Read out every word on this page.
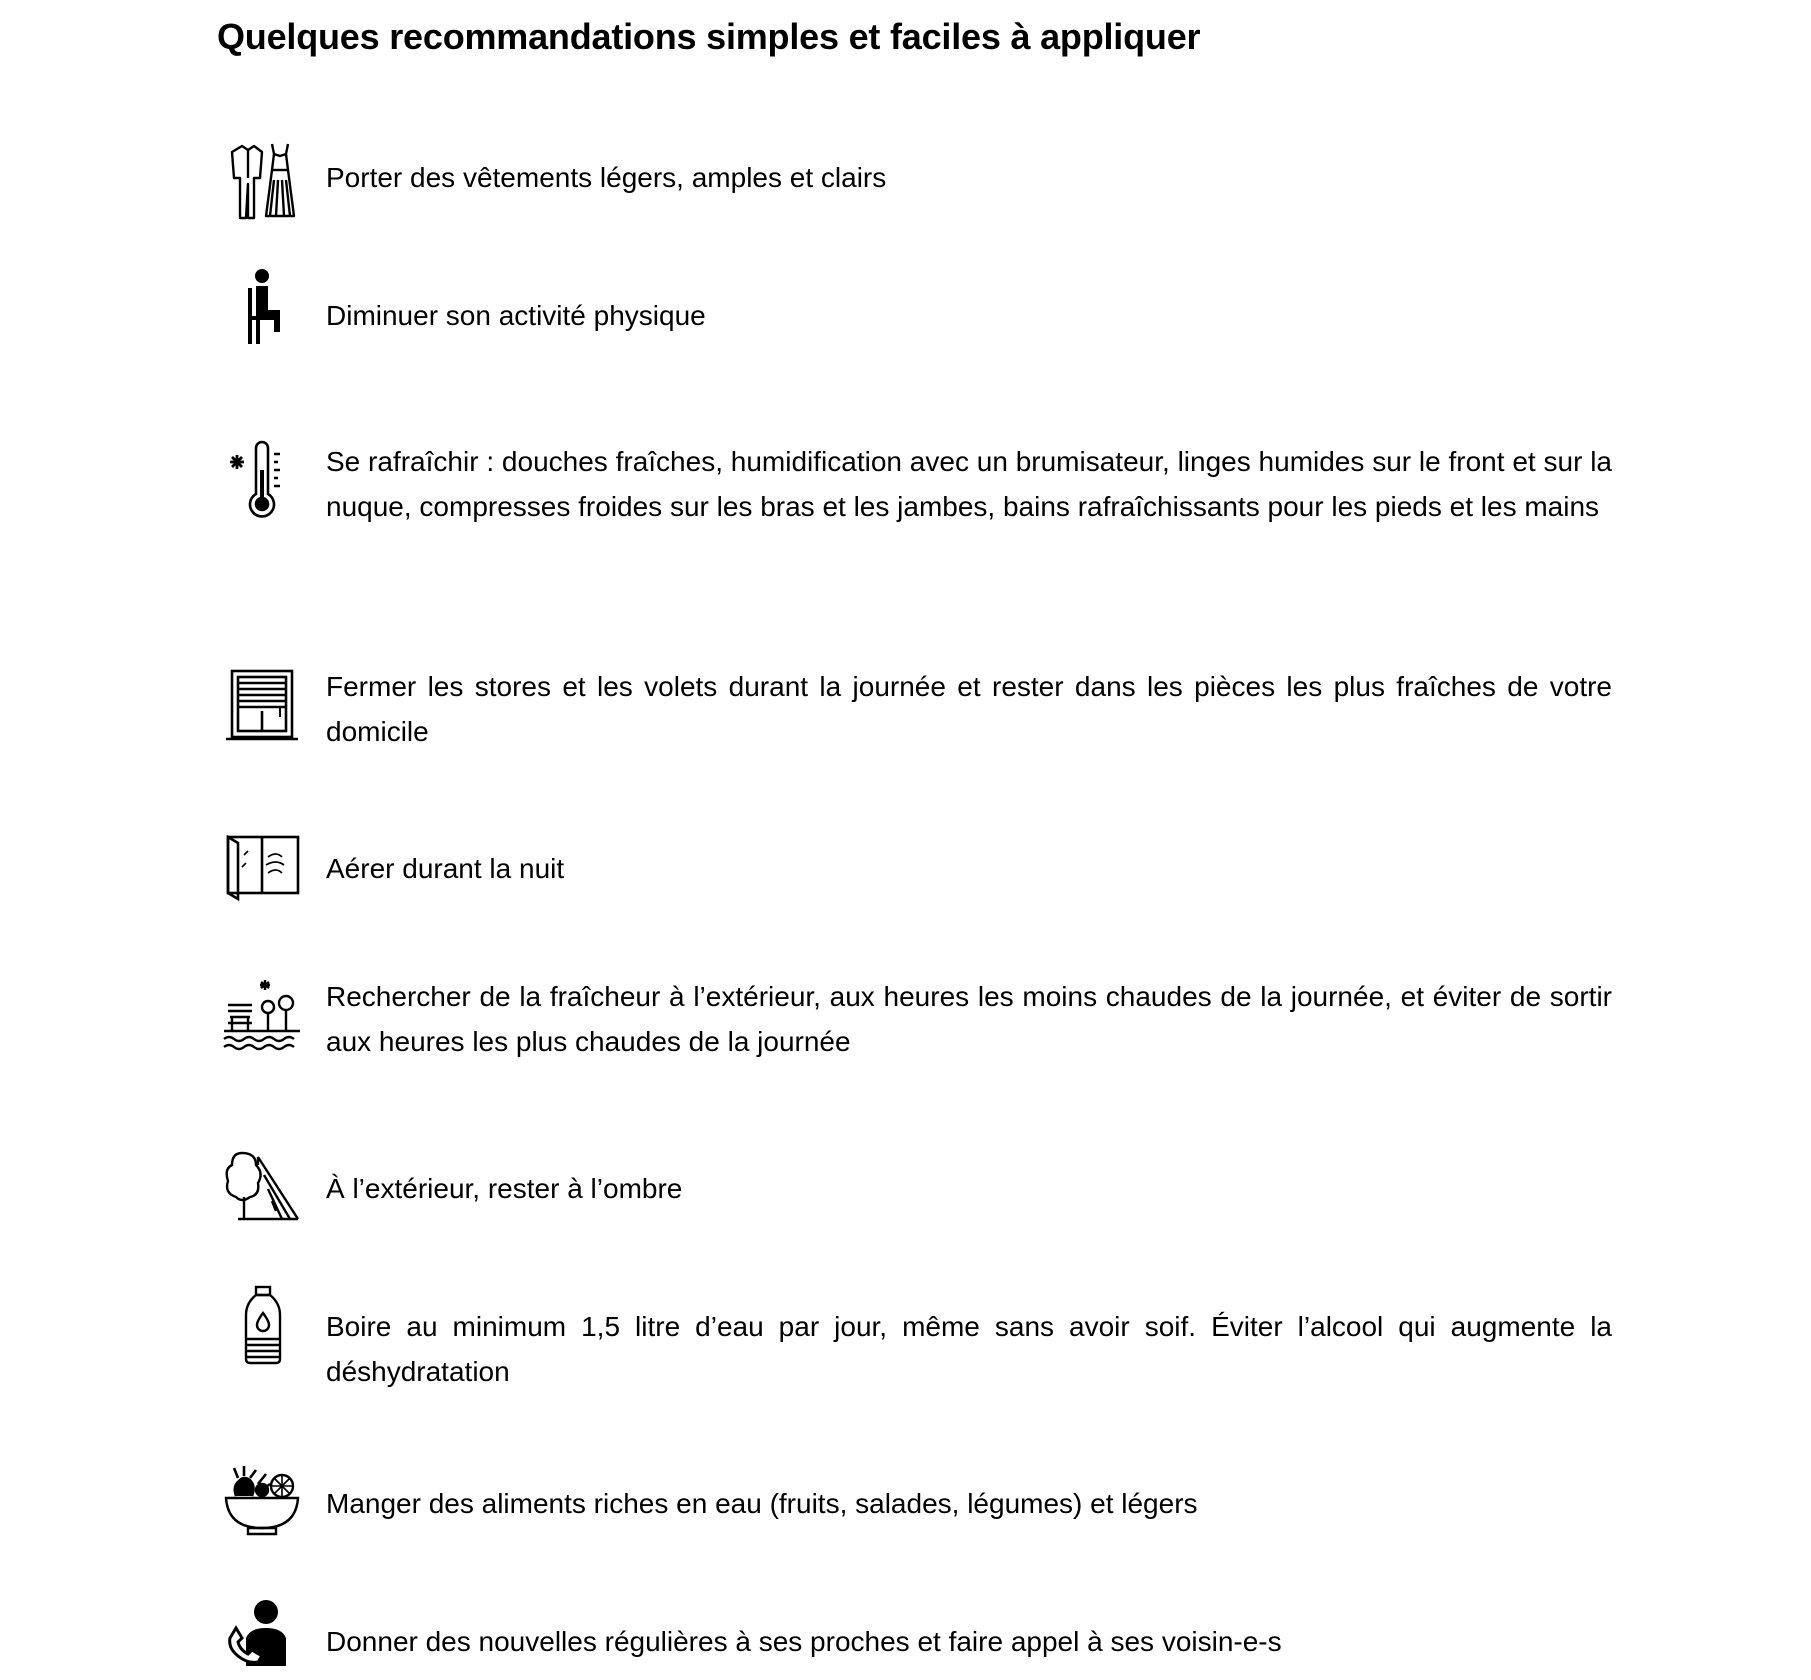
Quelques recommandations simples et faciles à appliquer
Porter des vêtements légers, amples et clairs
Diminuer son activité physique
Se rafraîchir : douches fraîches, humidification avec un brumisateur, linges humides sur le front et sur la nuque, compresses froides sur les bras et les jambes, bains rafraîchissants pour les pieds et les mains
Fermer les stores et les volets durant la journée et rester dans les pièces les plus fraîches de votre domicile
Aérer durant la nuit
Rechercher de la fraîcheur à l’extérieur, aux heures les moins chaudes de la journée, et éviter de sortir aux heures les plus chaudes de la journée
À l’extérieur, rester à l’ombre
Boire au minimum 1,5 litre d’eau par jour, même sans avoir soif. Éviter l’alcool qui augmente la déshydratation
Manger des aliments riches en eau (fruits, salades, légumes) et légers
Donner des nouvelles régulières à ses proches et faire appel à ses voisin-e-s
